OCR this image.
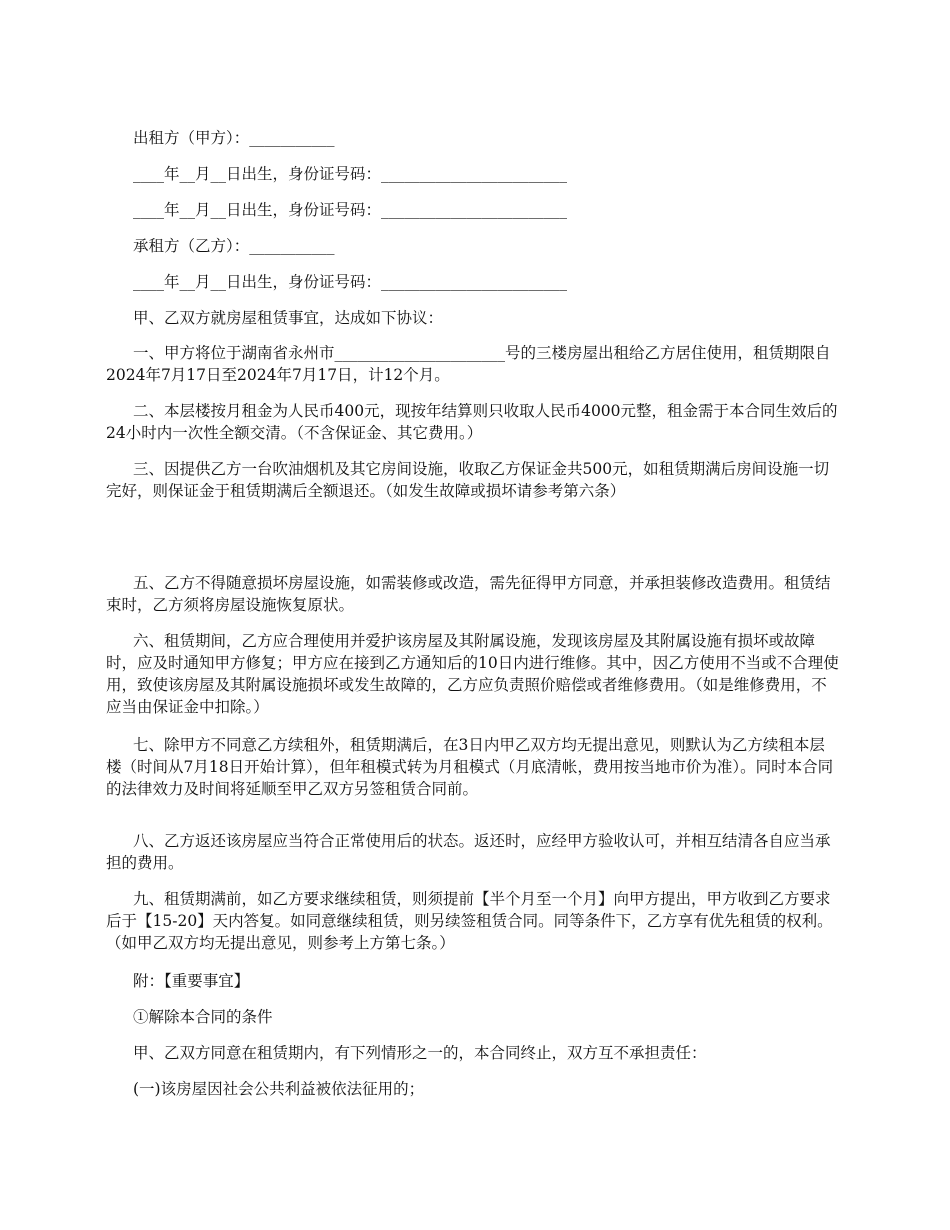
出租方（甲方）：___________

____年__月__日出生，身份证号码：________________________

____年__月__日出生，身份证号码：________________________

承租方（乙方）：___________

____年__月__日出生，身份证号码：________________________

甲、乙双方就房屋租赁事宜，达成如下协议：

一、甲方将位于湖南省永州市______________________号的三楼房屋出租给乙方居住使用，租赁期限自2024年7月17日至2024年7月17日，计12个月。

二、本层楼按月租金为人民币400元，现按年结算则只收取人民币4000元整，租金需于本合同生效后的24小时内一次性全额交清。（不含保证金、其它费用。）

三、因提供乙方一台吹油烟机及其它房间设施，收取乙方保证金共500元，如租赁期满后房间设施一切完好，则保证金于租赁期满后全额退还。（如发生故障或损坏请参考第六条）

五、乙方不得随意损坏房屋设施，如需装修或改造，需先征得甲方同意，并承担装修改造费用。租赁结束时，乙方须将房屋设施恢复原状。

六、租赁期间，乙方应合理使用并爱护该房屋及其附属设施，发现该房屋及其附属设施有损坏或故障时，应及时通知甲方修复；甲方应在接到乙方通知后的10日内进行维修。其中，因乙方使用不当或不合理使用，致使该房屋及其附属设施损坏或发生故障的，乙方应负责照价赔偿或者维修费用。（如是维修费用，不应当由保证金中扣除。）

七、除甲方不同意乙方续租外，租赁期满后，在3日内甲乙双方均无提出意见，则默认为乙方续租本层楼（时间从7月18日开始计算），但年租模式转为月租模式（月底清帐，费用按当地市价为准）。同时本合同的法律效力及时间将延顺至甲乙双方另签租赁合同前。

八、乙方返还该房屋应当符合正常使用后的状态。返还时，应经甲方验收认可，并相互结清各自应当承担的费用。

九、租赁期满前，如乙方要求继续租赁，则须提前【半个月至一个月】向甲方提出，甲方收到乙方要求后于【15-20】天内答复。如同意继续租赁，则另续签租赁合同。同等条件下，乙方享有优先租赁的权利。（如甲乙双方均无提出意见，则参考上方第七条。）

附：【重要事宜】

①解除本合同的条件

甲、乙双方同意在租赁期内，有下列情形之一的，本合同终止，双方互不承担责任：

(一)该房屋因社会公共利益被依法征用的；
